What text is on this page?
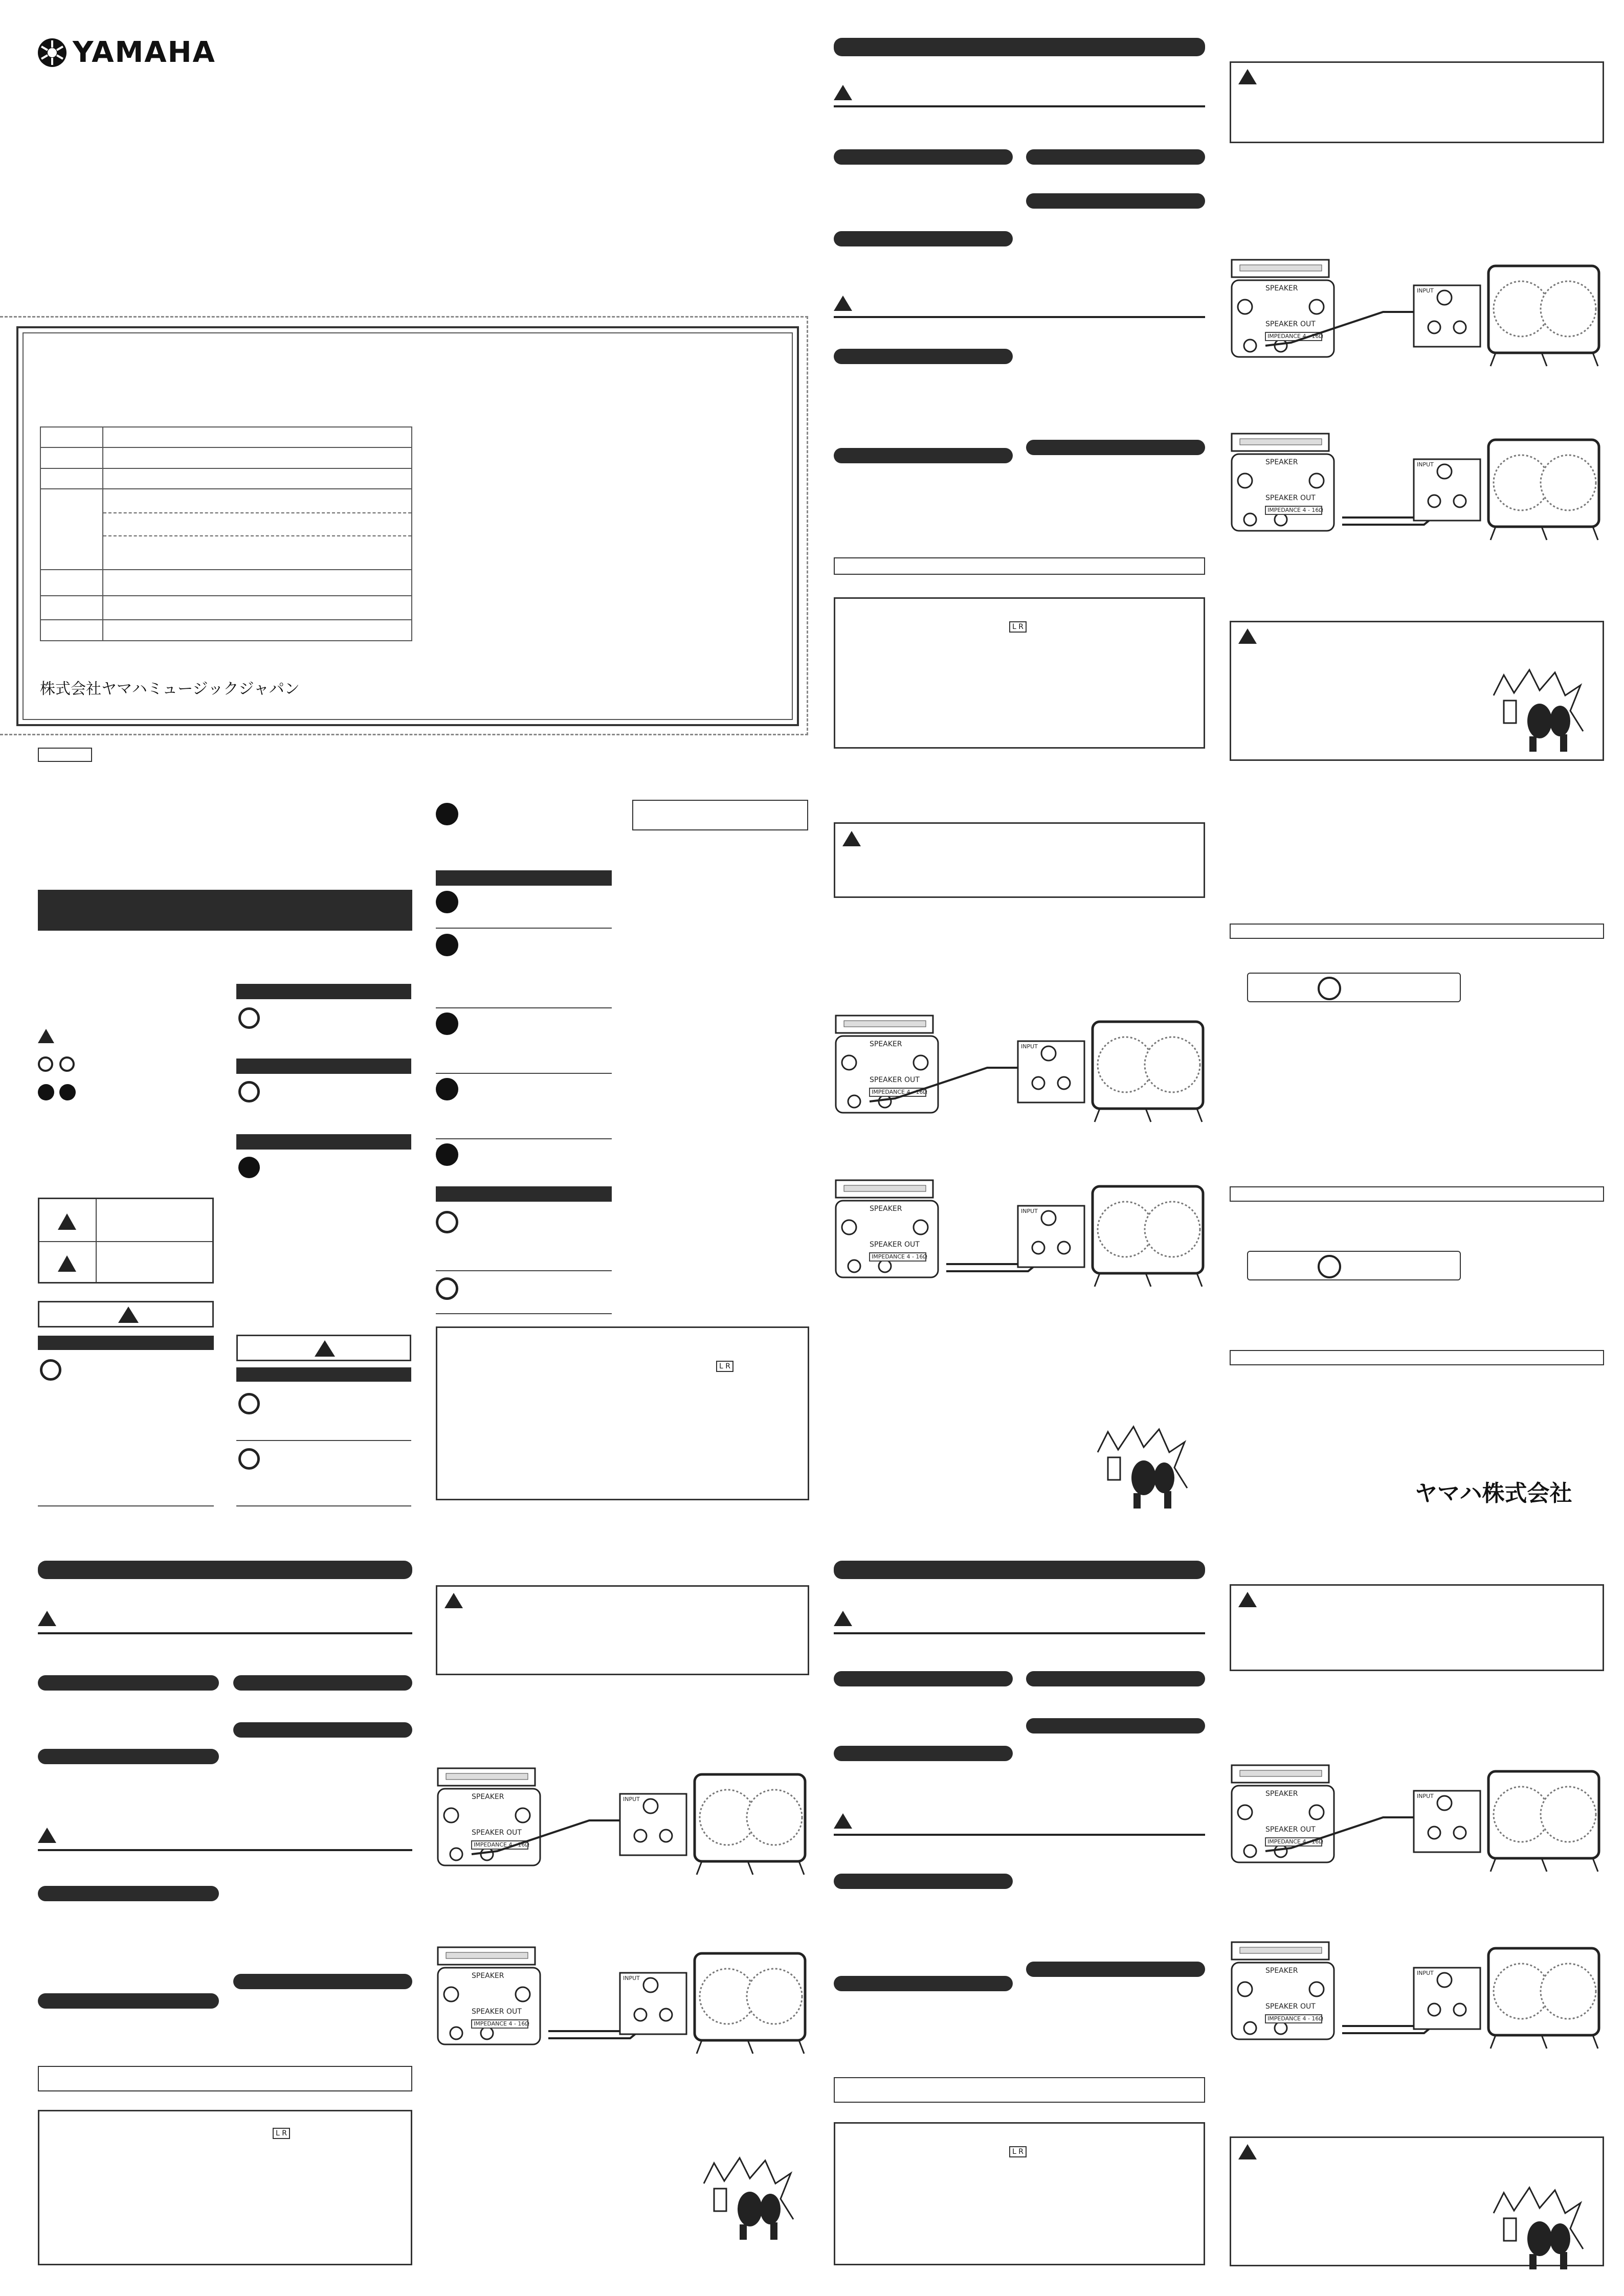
YAMAHA

株式会社ヤマハミュージックジャパン
L R
L R
L R
L R
ヤマハ株式会社
SPEAKER
SPEAKER OUT
IMPEDANCE 4 - 16Ω
INPUT
SPEAKER
SPEAKER OUT
IMPEDANCE 4 - 16Ω
INPUT
SPEAKER
SPEAKER OUT
IMPEDANCE 4 - 16Ω
INPUT
SPEAKER
SPEAKER OUT
IMPEDANCE 4 - 16Ω
INPUT
SPEAKER
SPEAKER OUT
IMPEDANCE 4 - 16Ω
INPUT
SPEAKER
SPEAKER OUT
IMPEDANCE 4 - 16Ω
INPUT
SPEAKER
SPEAKER OUT
IMPEDANCE 4 - 16Ω
INPUT
SPEAKER
SPEAKER OUT
IMPEDANCE 4 - 16Ω
INPUT
